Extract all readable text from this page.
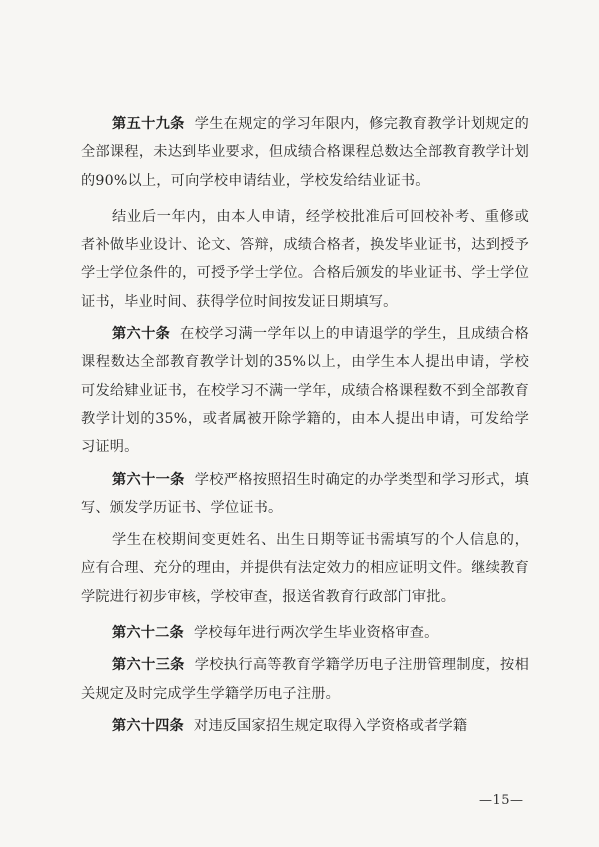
第五十九条 学生在规定的学习年限内，修完教育教学计划规定的全部课程，未达到毕业要求，但成绩合格课程总数达全部教育教学计划的90%以上，可向学校申请结业，学校发给结业证书。

结业后一年内，由本人申请，经学校批准后可回校补考、重修或者补做毕业设计、论文、答辩，成绩合格者，换发毕业证书，达到授予学士学位条件的，可授予学士学位。合格后颁发的毕业证书、学士学位证书，毕业时间、获得学位时间按发证日期填写。

第六十条 在校学习满一学年以上的申请退学的学生，且成绩合格课程数达全部教育教学计划的35%以上，由学生本人提出申请，学校可发给肄业证书，在校学习不满一学年，成绩合格课程数不到全部教育教学计划的35%，或者属被开除学籍的，由本人提出申请，可发给学习证明。

第六十一条 学校严格按照招生时确定的办学类型和学习形式，填写、颁发学历证书、学位证书。

学生在校期间变更姓名、出生日期等证书需填写的个人信息的，应有合理、充分的理由，并提供有法定效力的相应证明文件。继续教育学院进行初步审核，学校审查，报送省教育行政部门审批。

第六十二条 学校每年进行两次学生毕业资格审查。

第六十三条 学校执行高等教育学籍学历电子注册管理制度，按相关规定及时完成学生学籍学历电子注册。

第六十四条 对违反国家招生规定取得入学资格或者学籍

—15—
